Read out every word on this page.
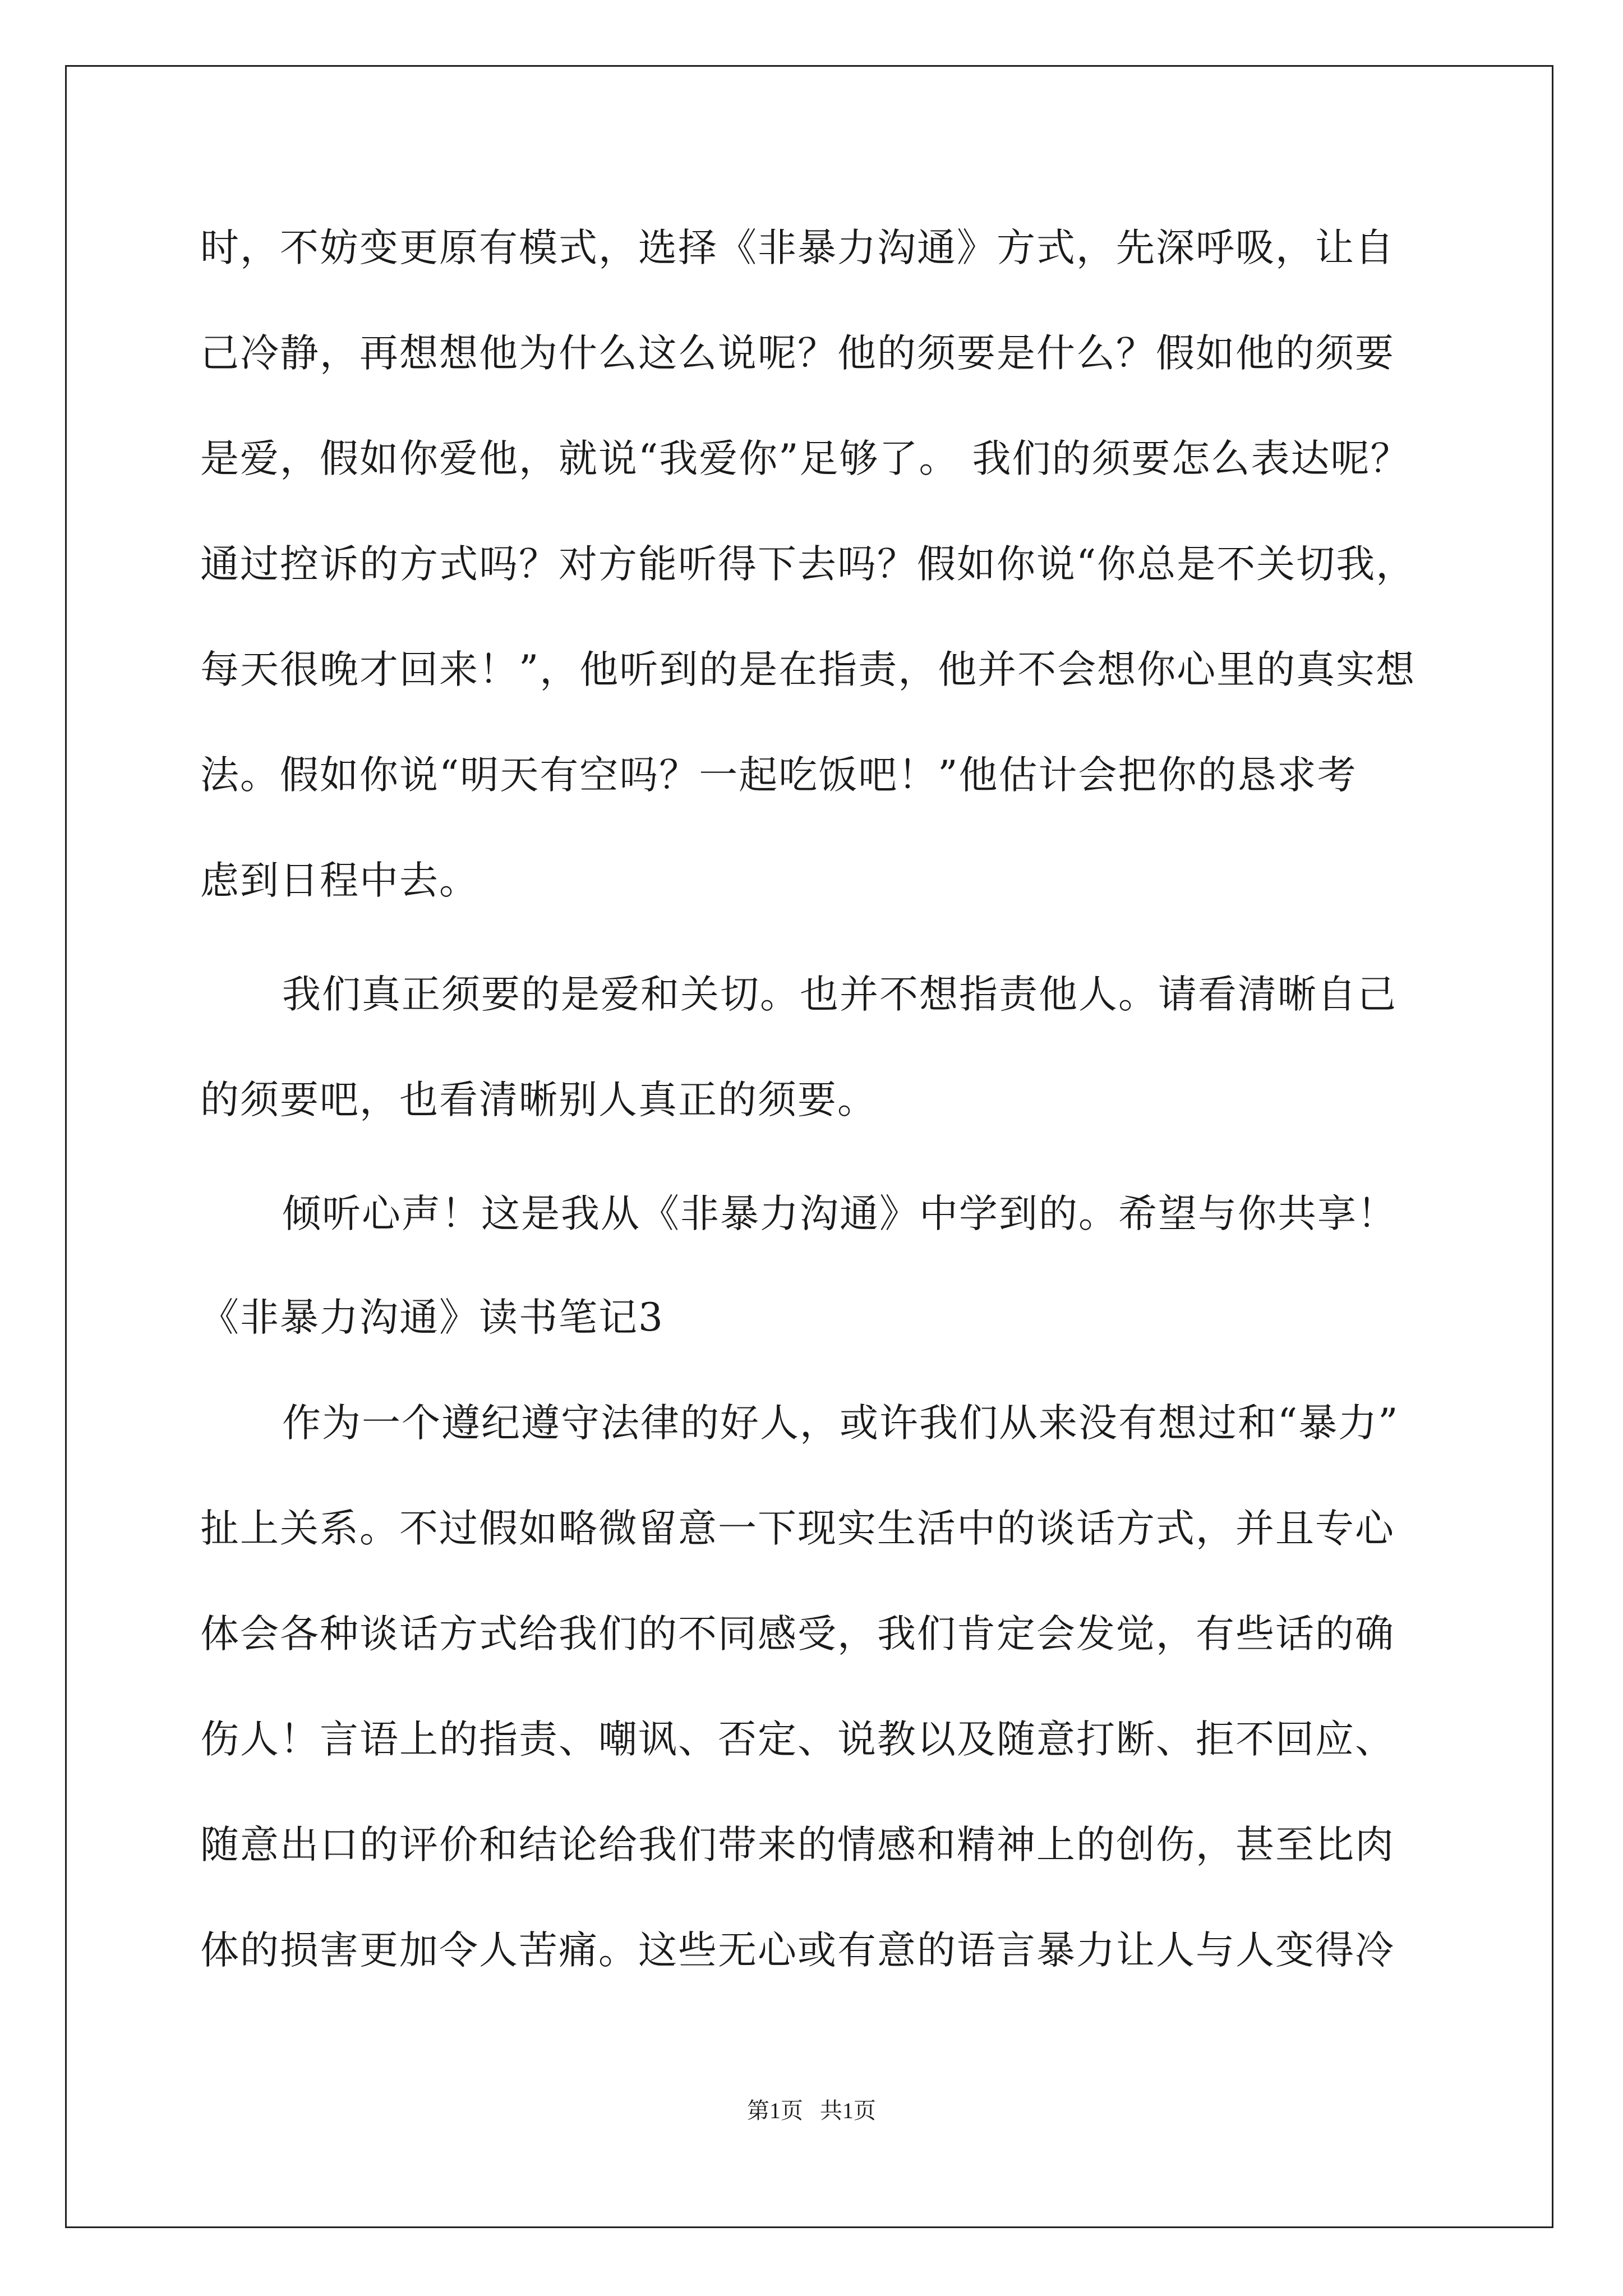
时，不妨变更原有模式，选择《非暴力沟通》方式，先深呼吸，让自
己冷静，再想想他为什么这么说呢？他的须要是什么？假如他的须要
是爱，假如你爱他，就说“我爱你”足够了。 我们的须要怎么表达呢？
通过控诉的方式吗？对方能听得下去吗？假如你说“你总是不关切我，
每天很晚才回来！”，他听到的是在指责，他并不会想你心里的真实想
法。假如你说“明天有空吗？一起吃饭吧！”他估计会把你的恳求考
虑到日程中去。
我们真正须要的是爱和关切。也并不想指责他人。请看清晰自己
的须要吧，也看清晰别人真正的须要。
倾听心声！这是我从《非暴力沟通》中学到的。希望与你共享！
《非暴力沟通》读书笔记3
作为一个遵纪遵守法律的好人，或许我们从来没有想过和“暴力”
扯上关系。不过假如略微留意一下现实生活中的谈话方式，并且专心
体会各种谈话方式给我们的不同感受，我们肯定会发觉，有些话的确
伤人！言语上的指责、嘲讽、否定、说教以及随意打断、拒不回应、
随意出口的评价和结论给我们带来的情感和精神上的创伤，甚至比肉
体的损害更加令人苦痛。这些无心或有意的语言暴力让人与人变得冷
第1页   共1页
